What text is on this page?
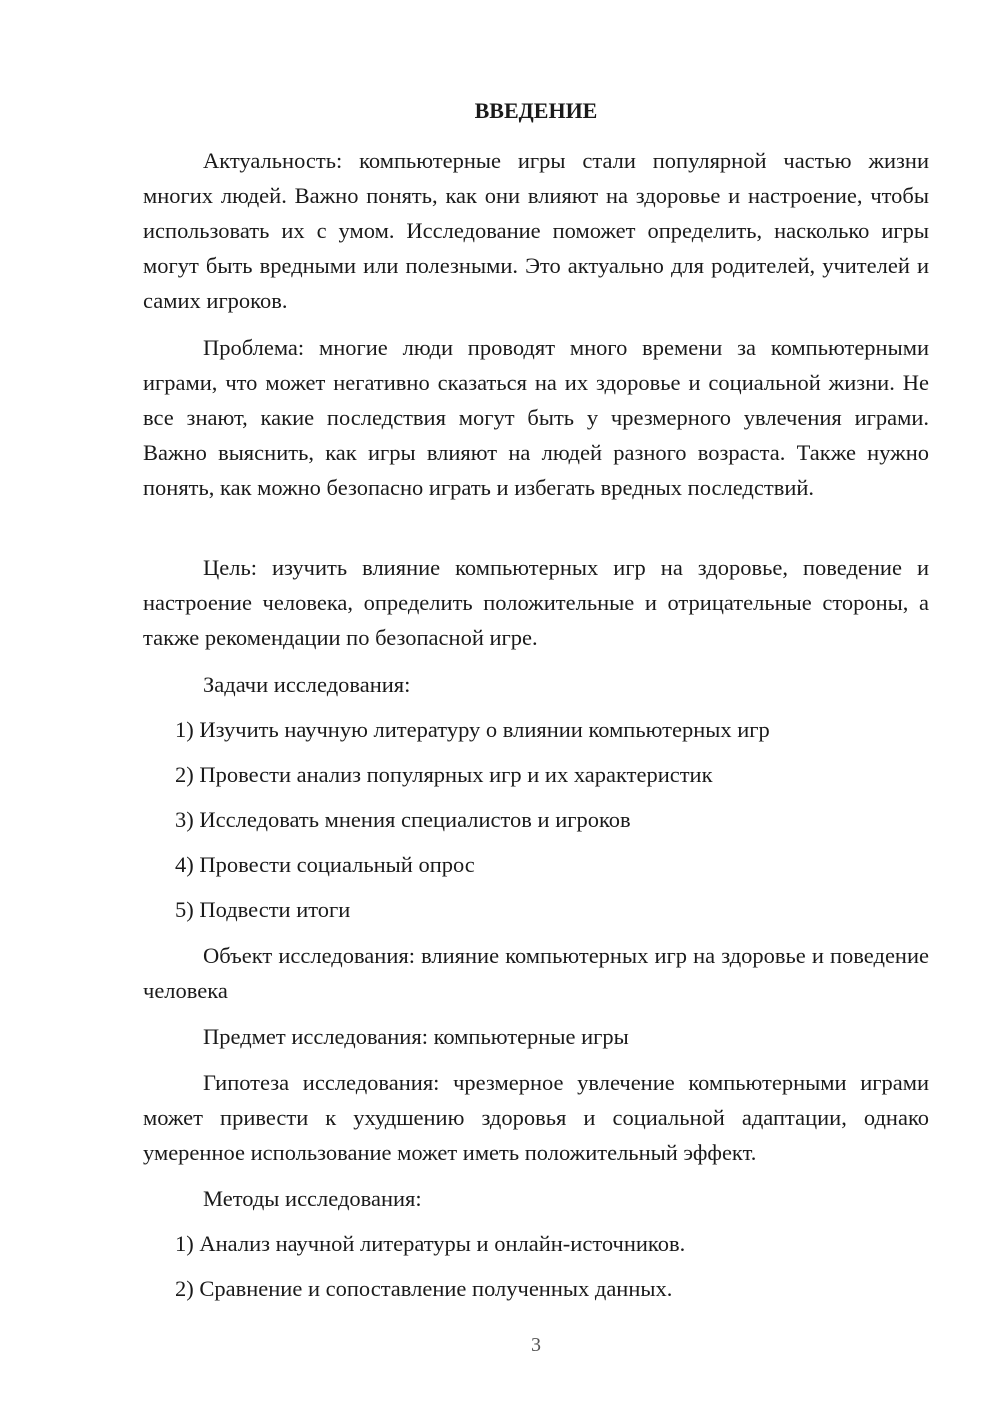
ВВЕДЕНИЕ

Актуальность: компьютерные игры стали популярной частью жизни многих людей. Важно понять, как они влияют на здоровье и настроение, чтобы использовать их с умом. Исследование поможет определить, насколько игры могут быть вредными или полезными. Это актуально для родителей, учителей и самих игроков.

Проблема: многие люди проводят много времени за компьютерными играми, что может негативно сказаться на их здоровье и социальной жизни. Не все знают, какие последствия могут быть у чрезмерного увлечения играми. Важно выяснить, как игры влияют на людей разного возраста. Также нужно понять, как можно безопасно играть и избегать вредных последствий.

Цель: изучить влияние компьютерных игр на здоровье, поведение и настроение человека, определить положительные и отрицательные стороны, а также рекомендации по безопасной игре.

Задачи исследования:

1) Изучить научную литературу о влиянии компьютерных игр

2) Провести анализ популярных игр и их характеристик

3) Исследовать мнения специалистов и игроков

4) Провести социальный опрос

5) Подвести итоги

Объект исследования: влияние компьютерных игр на здоровье и поведение человека

Предмет исследования: компьютерные игры

Гипотеза исследования: чрезмерное увлечение компьютерными играми может привести к ухудшению здоровья и социальной адаптации, однако умеренное использование может иметь положительный эффект.

Методы исследования:

1) Анализ научной литературы и онлайн-источников.

2) Сравнение и сопоставление полученных данных.

3
